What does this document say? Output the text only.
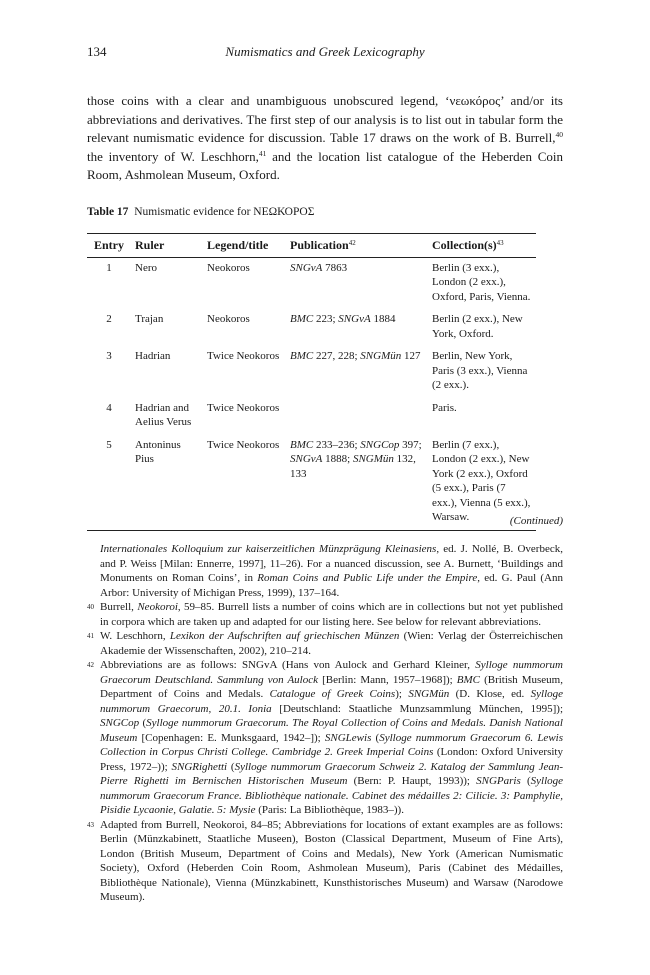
134	Numismatics and Greek Lexicography
those coins with a clear and unambiguous unobscured legend, ‘νεωκόρος’ and/or its abbreviations and derivatives. The first step of our analysis is to list out in tabular form the relevant numismatic evidence for discussion. Table 17 draws on the work of B. Burrell,$^{40}$ the inventory of W. Leschhorn,$^{41}$ and the location list catalogue of the Heberden Coin Room, Ashmolean Museum, Oxford.
Table 17 Numismatic evidence for ΝΕΩΚΟΡΟΣ
Entry	Ruler	Legend/title	Publication$^{42}$	$Collection(s)^{43}$
1	Nero	Neokoros	SNGvA 7863	Berlin (3 exx.), London (2 exx.), Oxford, Paris, Vienna.
2	Trajan	Neokoros	BMC 223; SNGvA 1884	Berlin (2 exx.), New York, Oxford.
3	Hadrian	Twice Neokoros	BMC 227, 228; SNGMün 127	Berlin, New York, Paris (3 exx.), Vienna (2 exx.).
4	Hadrian and Aelius Verus	Twice Neokoros		Paris.
5	Antoninus Pius	Twice Neokoros	BMC 233–236; SNGCop 397; SNGvA 1888; SNGMün 132, 133	Berlin (7 exx.), London (2 exx.), New York (2 exx.), Oxford (5 exx.), Paris (7 exx.), Vienna (5 exx.), Warsaw.	(Continued)
Internationales Kolloquium zur kaiserzeitlichen Münzprägung Kleinasiens, ed. J. Nollé, B. Overbeck, and P. Weiss [Milan: Ennerre, 1997], 11–26). For a nuanced discussion, see A. Burnett, ‘Buildings and Monuments on Roman Coins’, in Roman Coins and Public Life under the Empire, ed. G. Paul (Ann Arbor: University of Michigan Press, 1999), 137–164.
40 Burrell, Neokoroi, 59–85. Burrell lists a number of coins which are in collections but not yet published in corpora which are taken up and adapted for our listing here. See below for relevant abbreviations.
41 W. Leschhorn, Lexikon der Aufschriften auf griechischen Münzen (Wien: Verlag der Österreichischen Akademie der Wissenschaften, 2002), 210–214.
42 Abbreviations are as follows: SNGvA (Hans von Aulock and Gerhard Kleiner, Sylloge nummorum Graecorum Deutschland. Sammlung von Aulock [Berlin: Mann, 1957–1968]); BMC (British Museum, Department of Coins and Medals. Catalogue of Greek Coins); SNGMün (D. Klose, ed. Sylloge nummorum Graecorum, 20.1. Ionia [Deutschland: Staatliche Munzsammlung München, 1995]); SNGCop (Sylloge nummorum Graecorum. The Royal Collection of Coins and Medals. Danish National Museum [Copenhagen: E. Munksgaard, 1942–]); SNGLewis (Sylloge nummorum Graecorum 6. Lewis Collection in Corpus Christi College. Cambridge 2. Greek Imperial Coins (London: Oxford University Press, 1972–)); SNGRighetti (Sylloge nummorum Graecorum Schweiz 2. Katalog der Sammlung Jean-Pierre Righetti im Bernischen Historischen Museum (Bern: P. Haupt, 1993)); SNGParis (Sylloge nummorum Graecorum France. Bibliothèque nationale. Cabinet des médailles 2: Cilicie. 3: Pamphylie, Pisidie Lycaonie, Galatie. 5: Mysie (Paris: La Bibliothèque, 1983–)).
43 Adapted from Burrell, Neokoroi, 84–85; Abbreviations for locations of extant examples are as follows: Berlin (Münzkabinett, Staatliche Museen), Boston (Classical Department, Museum of Fine Arts), London (British Museum, Department of Coins and Medals), New York (American Numismatic Society), Oxford (Heberden Coin Room, Ashmolean Museum), Paris (Cabinet des Médailles, Bibliothèque Nationale), Vienna (Münzkabinett, Kunsthistorisches Museum) and Warsaw (Narodowe Museum).
